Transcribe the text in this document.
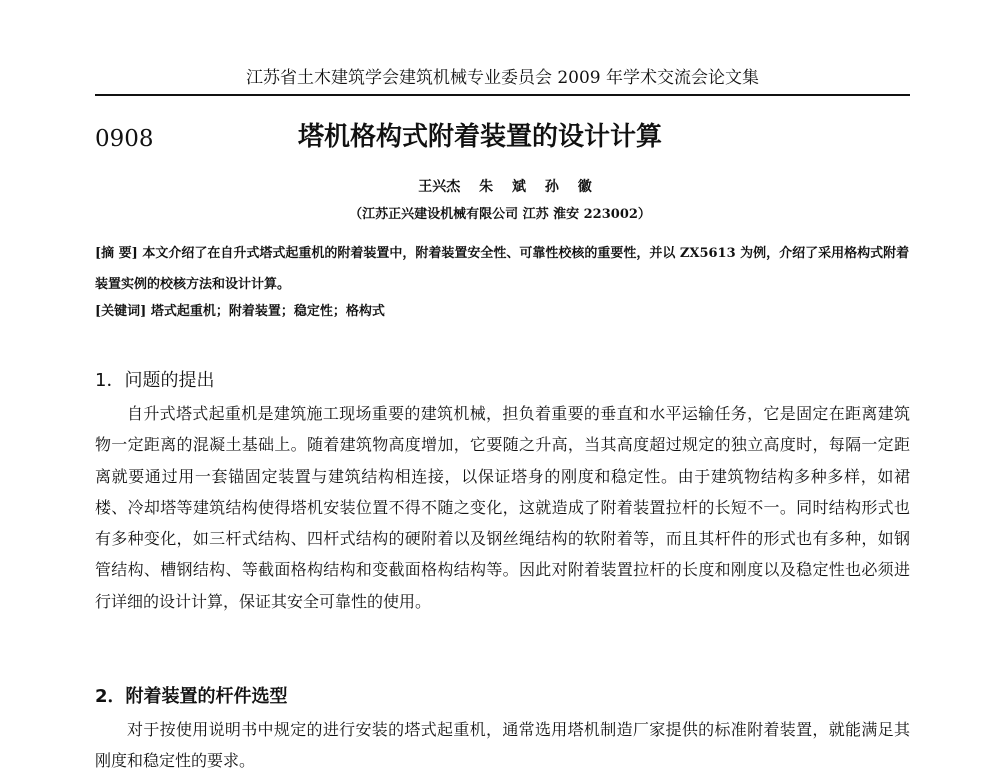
江苏省土木建筑学会建筑机械专业委员会 2009 年学术交流会论文集
0908	塔机格构式附着装置的设计计算
王兴杰 朱 斌 孙 徽
（江苏正兴建设机械有限公司 江苏 淮安 223002）
[摘 要] 本文介绍了在自升式塔式起重机的附着装置中，附着装置安全性、可靠性校核的重要性，并以 ZX5613 为例，介绍了采用格构式附着装置实例的校核方法和设计计算。
[关键词] 塔式起重机；附着装置；稳定性；格构式
1．问题的提出
自升式塔式起重机是建筑施工现场重要的建筑机械，担负着重要的垂直和水平运输任务，它是固定在距离建筑物一定距离的混凝土基础上。随着建筑物高度增加，它要随之升高，当其高度超过规定的独立高度时，每隔一定距离就要通过用一套锚固定装置与建筑结构相连接，以保证塔身的刚度和稳定性。由于建筑物结构多种多样，如裙楼、冷却塔等建筑结构使得塔机安装位置不得不随之变化，这就造成了附着装置拉杆的长短不一。同时结构形式也有多种变化，如三杆式结构、四杆式结构的硬附着以及钢丝绳结构的软附着等，而且其杆件的形式也有多种，如钢管结构、槽钢结构、等截面格构结构和变截面格构结构等。因此对附着装置拉杆的长度和刚度以及稳定性也必须进行详细的设计计算，保证其安全可靠性的使用。
2．附着装置的杆件选型
对于按使用说明书中规定的进行安装的塔式起重机，通常选用塔机制造厂家提供的标准附着装置，就能满足其刚度和稳定性的要求。
